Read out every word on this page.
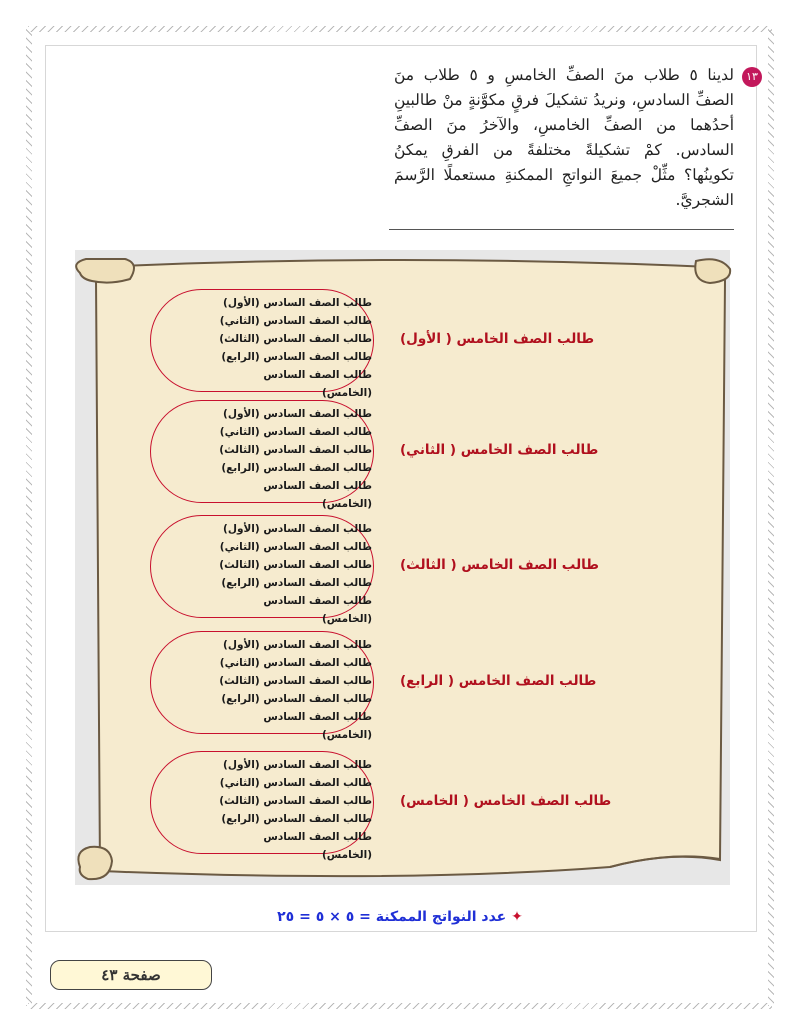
١٣
لدينا ٥ طلاب منَ الصفِّ الخامسِ و ٥ طلاب منَ الصفِّ السادسِ، ونريدُ تشكيلَ فرقٍ مكوَّنةٍ منْ طالبينِ أحدُهما من الصفِّ الخامسِ، والآخرُ منَ الصفِّ السادس. كمْ تشكيلةً مختلفةً من الفرقِ يمكنُ تكوينُها؟ مثِّلْ جميعَ النواتجِ الممكنةِ مستعملًا الرَّسمَ الشجريَّ.
طالب الصف السادس (الأول)
طالب الصف السادس (الثاني)
طالب الصف السادس (الثالث)
طالب الصف السادس (الرابع)
طالب الصف السادس (الخامس)
طالب الصف الخامس ( الأول)
طالب الصف السادس (الأول)
طالب الصف السادس (الثاني)
طالب الصف السادس (الثالث)
طالب الصف السادس (الرابع)
طالب الصف السادس (الخامس)
طالب الصف الخامس ( الثاني)
طالب الصف السادس (الأول)
طالب الصف السادس (الثاني)
طالب الصف السادس (الثالث)
طالب الصف السادس (الرابع)
طالب الصف السادس (الخامس)
طالب الصف الخامس ( الثالث)
طالب الصف السادس (الأول)
طالب الصف السادس (الثاني)
طالب الصف السادس (الثالث)
طالب الصف السادس (الرابع)
طالب الصف السادس (الخامس)
طالب الصف الخامس ( الرابع)
طالب الصف السادس (الأول)
طالب الصف السادس (الثاني)
طالب الصف السادس (الثالث)
طالب الصف السادس (الرابع)
طالب الصف السادس (الخامس)
طالب الصف الخامس ( الخامس)
✦ عدد النواتج الممكنة = ٥ × ٥ = ٢٥
صفحة ٤٣
